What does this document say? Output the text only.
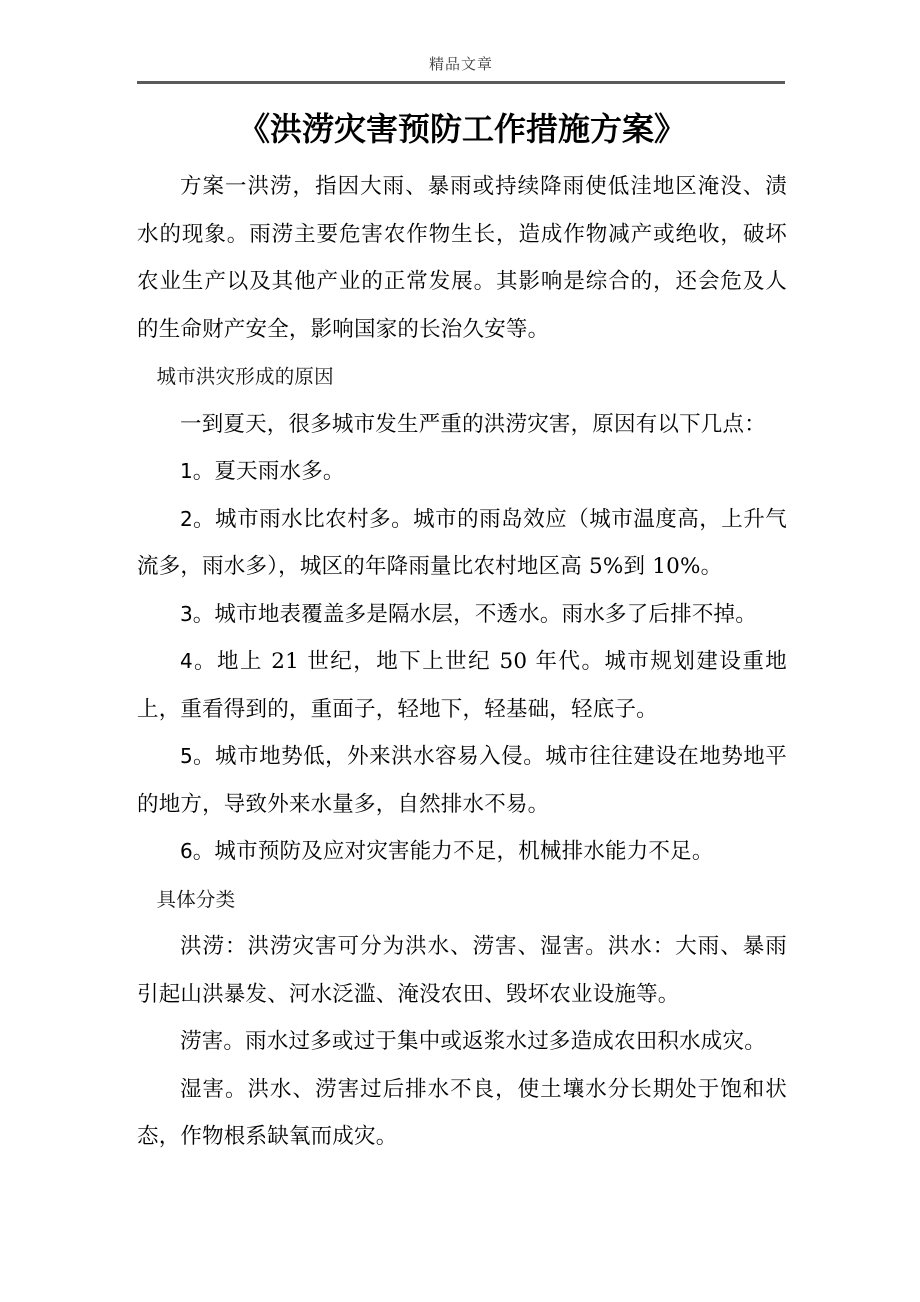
精品文章
《洪涝灾害预防工作措施方案》

方案一洪涝，指因大雨、暴雨或持续降雨使低洼地区淹没、渍水的现象。雨涝主要危害农作物生长，造成作物减产或绝收，破坏农业生产以及其他产业的正常发展。其影响是综合的，还会危及人的生命财产安全，影响国家的长治久安等。

城市洪灾形成的原因

一到夏天，很多城市发生严重的洪涝灾害，原因有以下几点：

1。夏天雨水多。

2。城市雨水比农村多。城市的雨岛效应（城市温度高，上升气流多，雨水多），城区的年降雨量比农村地区高 5%到 10%。

3。城市地表覆盖多是隔水层，不透水。雨水多了后排不掉。

4。地上 21 世纪，地下上世纪 50 年代。城市规划建设重地上，重看得到的，重面子，轻地下，轻基础，轻底子。

5。城市地势低，外来洪水容易入侵。城市往往建设在地势地平的地方，导致外来水量多，自然排水不易。

6。城市预防及应对灾害能力不足，机械排水能力不足。

具体分类

洪涝：洪涝灾害可分为洪水、涝害、湿害。洪水：大雨、暴雨引起山洪暴发、河水泛滥、淹没农田、毁坏农业设施等。

涝害。雨水过多或过于集中或返浆水过多造成农田积水成灾。

湿害。洪水、涝害过后排水不良，使土壤水分长期处于饱和状态，作物根系缺氧而成灾。
